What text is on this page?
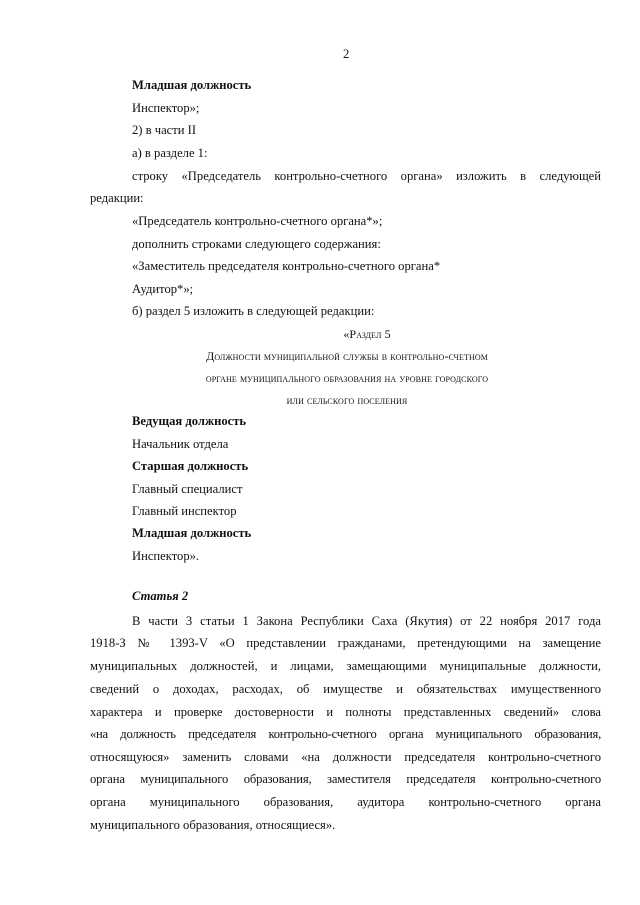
2
Младшая должность
Инспектор»;
2) в части II
а) в разделе 1:
строку «Председатель контрольно-счетного органа» изложить в следующей
редакции:
«Председатель контрольно-счетного органа*»;
дополнить строками следующего содержания:
«Заместитель председателя контрольно-счетного органа*
Аудитор*»;
б) раздел 5 изложить в следующей редакции:
«Раздел 5
Должности муниципальной службы в контрольно-счетном
органе муниципального образования на уровне городского
или сельского поселения
Ведущая должность
Начальник отдела
Старшая должность
Главный специалист
Главный инспектор
Младшая должность
Инспектор».
Статья 2
В части 3 статьи 1 Закона Республики Саха (Якутия) от 22 ноября 2017 года
1918-З № 1393-V «О представлении гражданами, претендующими на замещение
муниципальных должностей, и лицами, замещающими муниципальные должности,
сведений о доходах, расходах, об имуществе и обязательствах имущественного
характера и проверке достоверности и полноты представленных сведений» слова
«на должность председателя контрольно-счетного органа муниципального образования,
относящуюся» заменить словами «на должности председателя контрольно-счетного
органа муниципального образования, заместителя председателя контрольно-счетного
органа муниципального образования, аудитора контрольно-счетного органа
муниципального образования, относящиеся».
